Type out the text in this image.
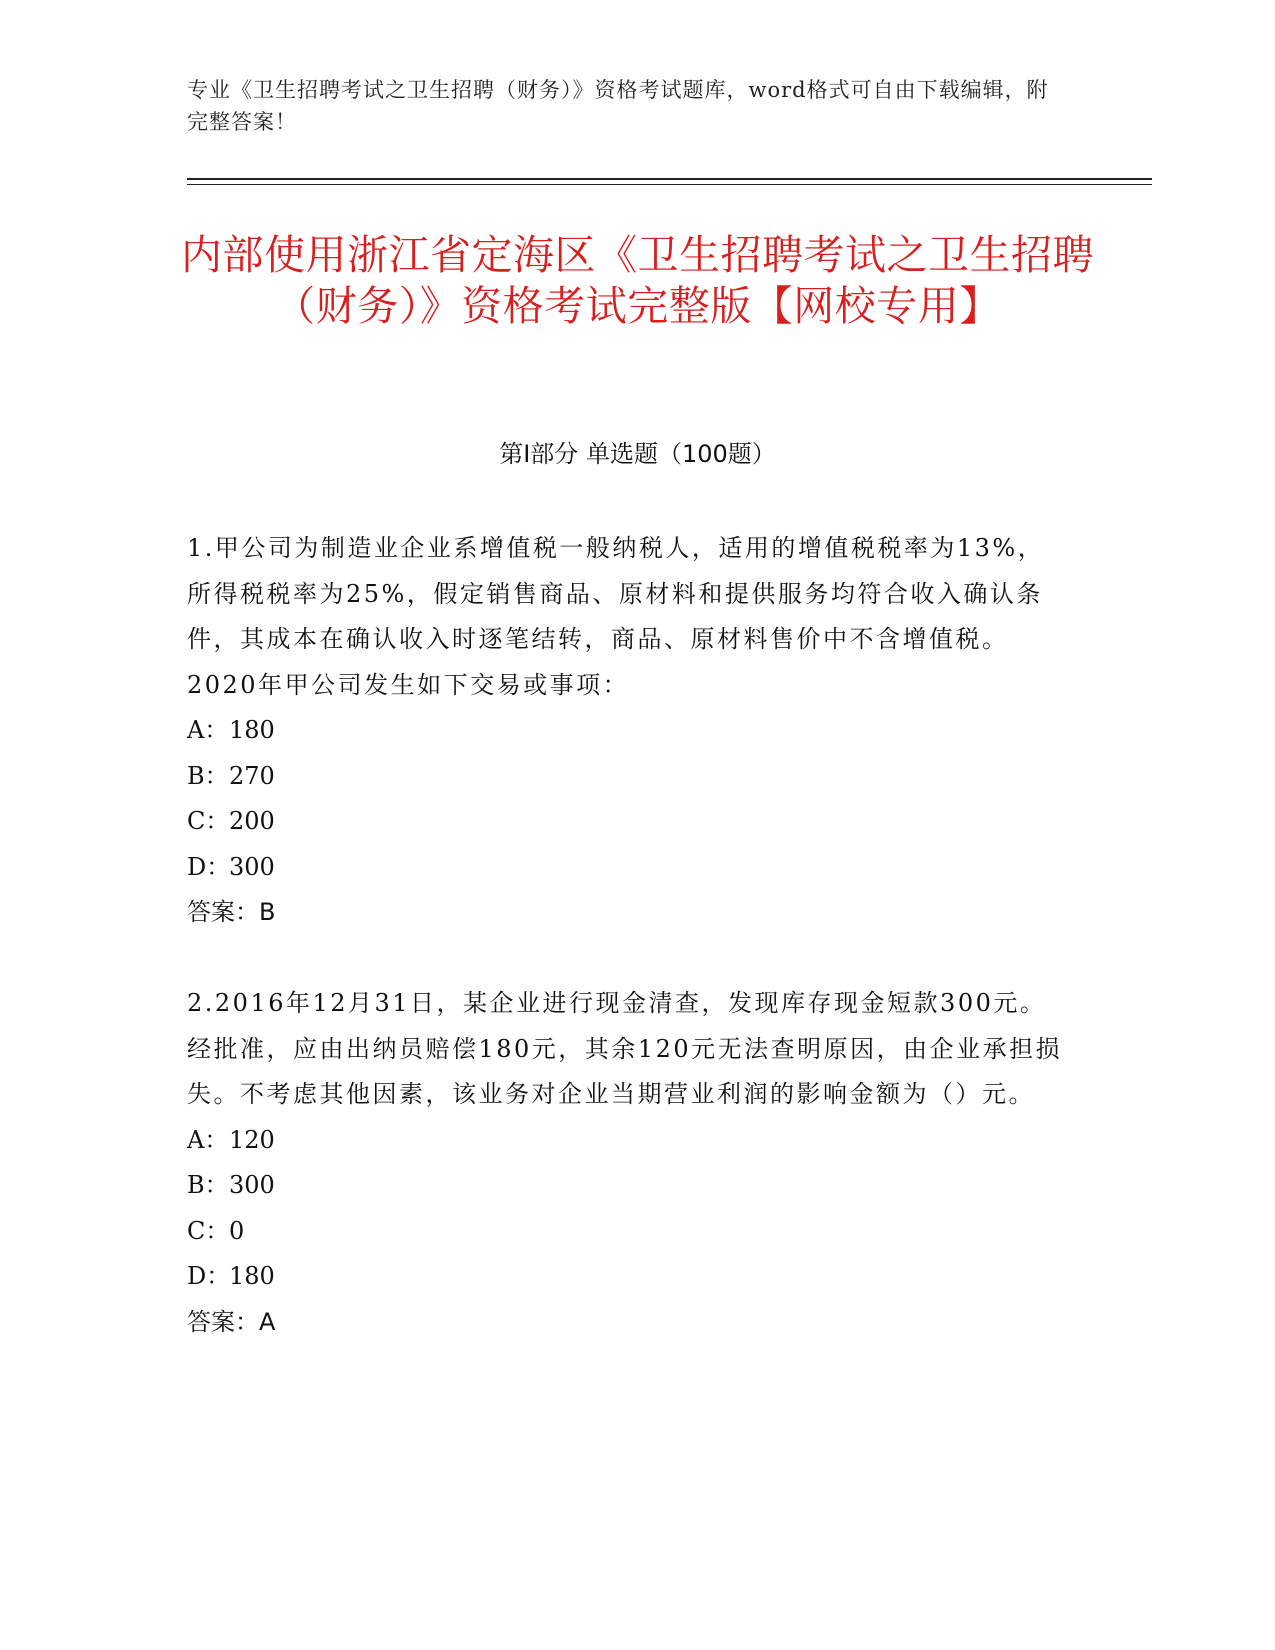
专业《卫生招聘考试之卫生招聘（财务）》资格考试题库，word格式可自由下载编辑，附完整答案！
内部使用浙江省定海区《卫生招聘考试之卫生招聘（财务）》资格考试完整版【网校专用】
第I部分 单选题（100题）

1.甲公司为制造业企业系增值税一般纳税人，适用的增值税税率为13%，所得税税率为25%，假定销售商品、原材料和提供服务均符合收入确认条件，其成本在确认收入时逐笔结转，商品、原材料售价中不含增值税。2020年甲公司发生如下交易或事项：

A：180
B：270
C：200
D：300
答案：B

2.2016年12月31日，某企业进行现金清查，发现库存现金短款300元。经批准，应由出纳员赔偿180元，其余120元无法查明原因，由企业承担损失。不考虑其他因素，该业务对企业当期营业利润的影响金额为（）元。

A：120
B：300
C：0
D：180
答案：A
